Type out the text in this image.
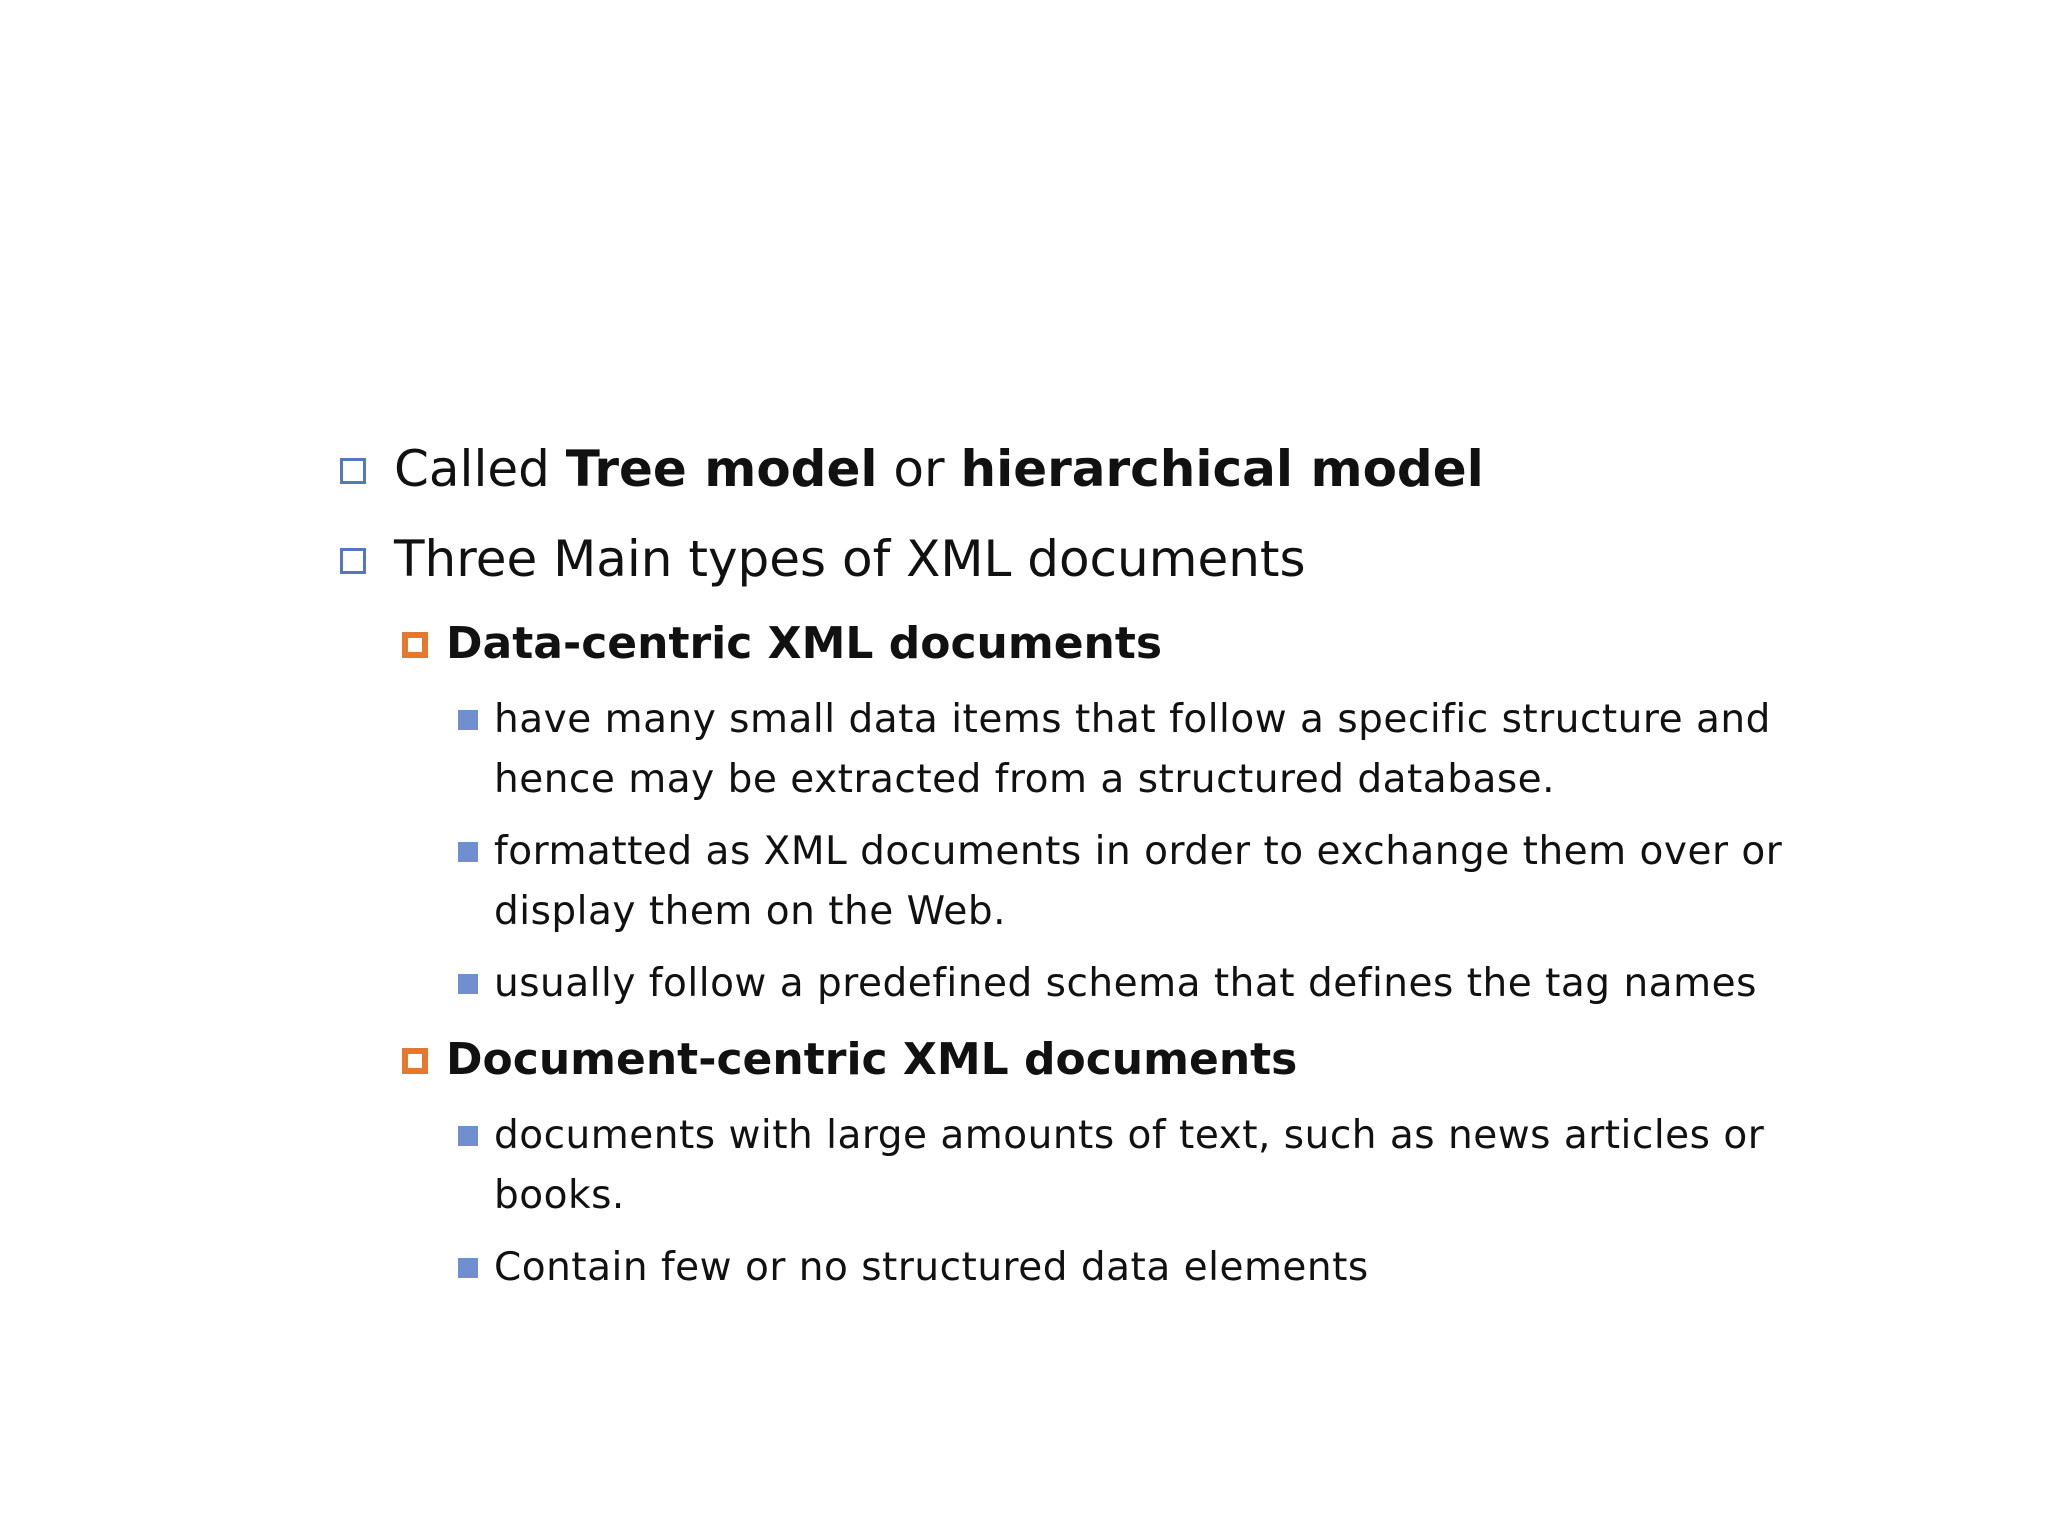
Called Tree model or hierarchical model
Three Main types of XML documents
Data-centric XML documents
have many small data items that follow a specific structure and hence may be extracted from a structured database.
formatted as XML documents in order to exchange them over or display them on the Web.
usually follow a predefined schema that defines the tag names
Document-centric XML documents
documents with large amounts of text, such as news articles or books.
Contain few or no structured data elements
